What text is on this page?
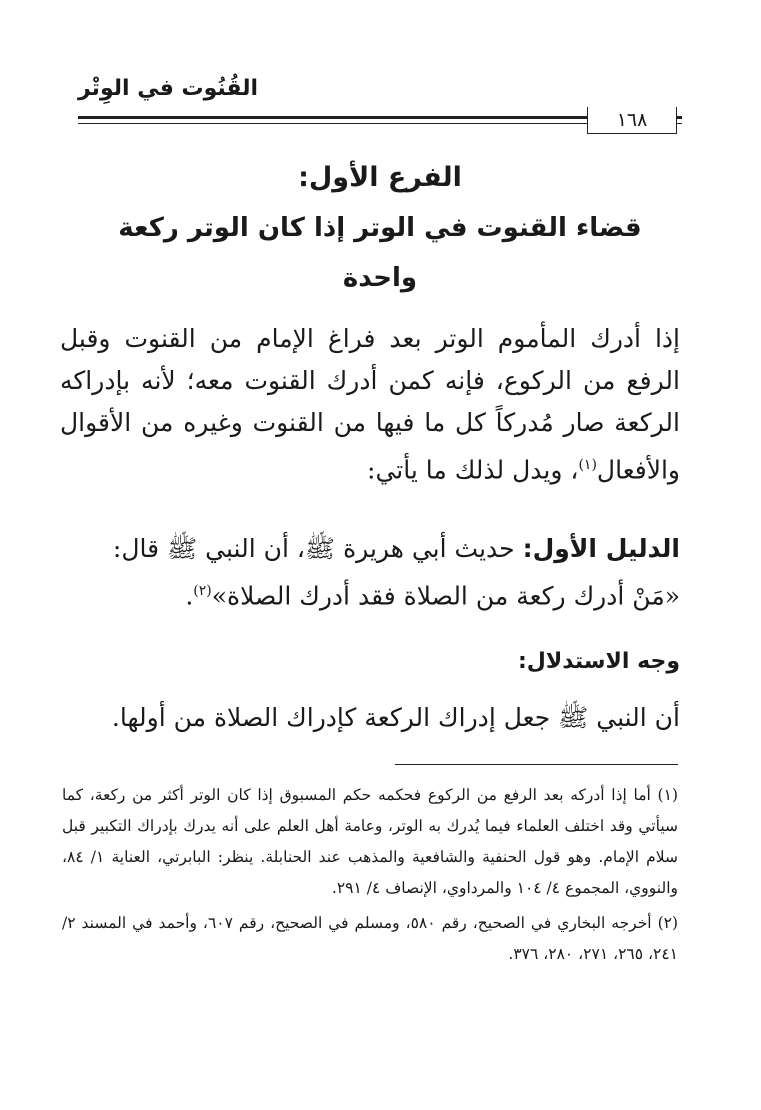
القُنُوت في الوِتْر
١٦٨
الفرع الأول:
قضاء القنوت في الوتر إذا كان الوتر ركعة واحدة

إذا أدرك المأموم الوتر بعد فراغ الإمام من القنوت وقبل الرفع من الركوع، فإنه كمن أدرك القنوت معه؛ لأنه بإدراكه الركعة صار مُدركاً كل ما فيها من القنوت وغيره من الأقوال والأفعال$^{(١)}$، ويدل لذلك ما يأتي:

الدليل الأول: حديث أبي هريرة ﷺ، أن النبي ﷺ قال: «مَنْ أدرك ركعة من الصلاة فقد أدرك الصلاة»$^{(٢)}$.

وجه الاستدلال:

أن النبي ﷺ جعل إدراك الركعة كإدراك الصلاة من أولها.

(١) أما إذا أدركه بعد الرفع من الركوع فحكمه حكم المسبوق إذا كان الوتر أكثر من ركعة، كما سيأتي وقد اختلف العلماء فيما يُدرك به الوتر، وعامة أهل العلم على أنه يدرك بإدراك التكبير قبل سلام الإمام. وهو قول الحنفية والشافعية والمذهب عند الحنابلة. ينظر: البابرتي، العناية ١/ ٨٤، والنووي، المجموع ٤/ ١٠٤ والمرداوي، الإنصاف ٤/ ٢٩١.

(٢) أخرجه البخاري في الصحيح، رقم ٥٨٠، ومسلم في الصحيح، رقم ٦٠٧، وأحمد في المسند ٢/ ٢٤١، ٢٦٥، ٢٧١، ٢٨٠، ٣٧٦.
